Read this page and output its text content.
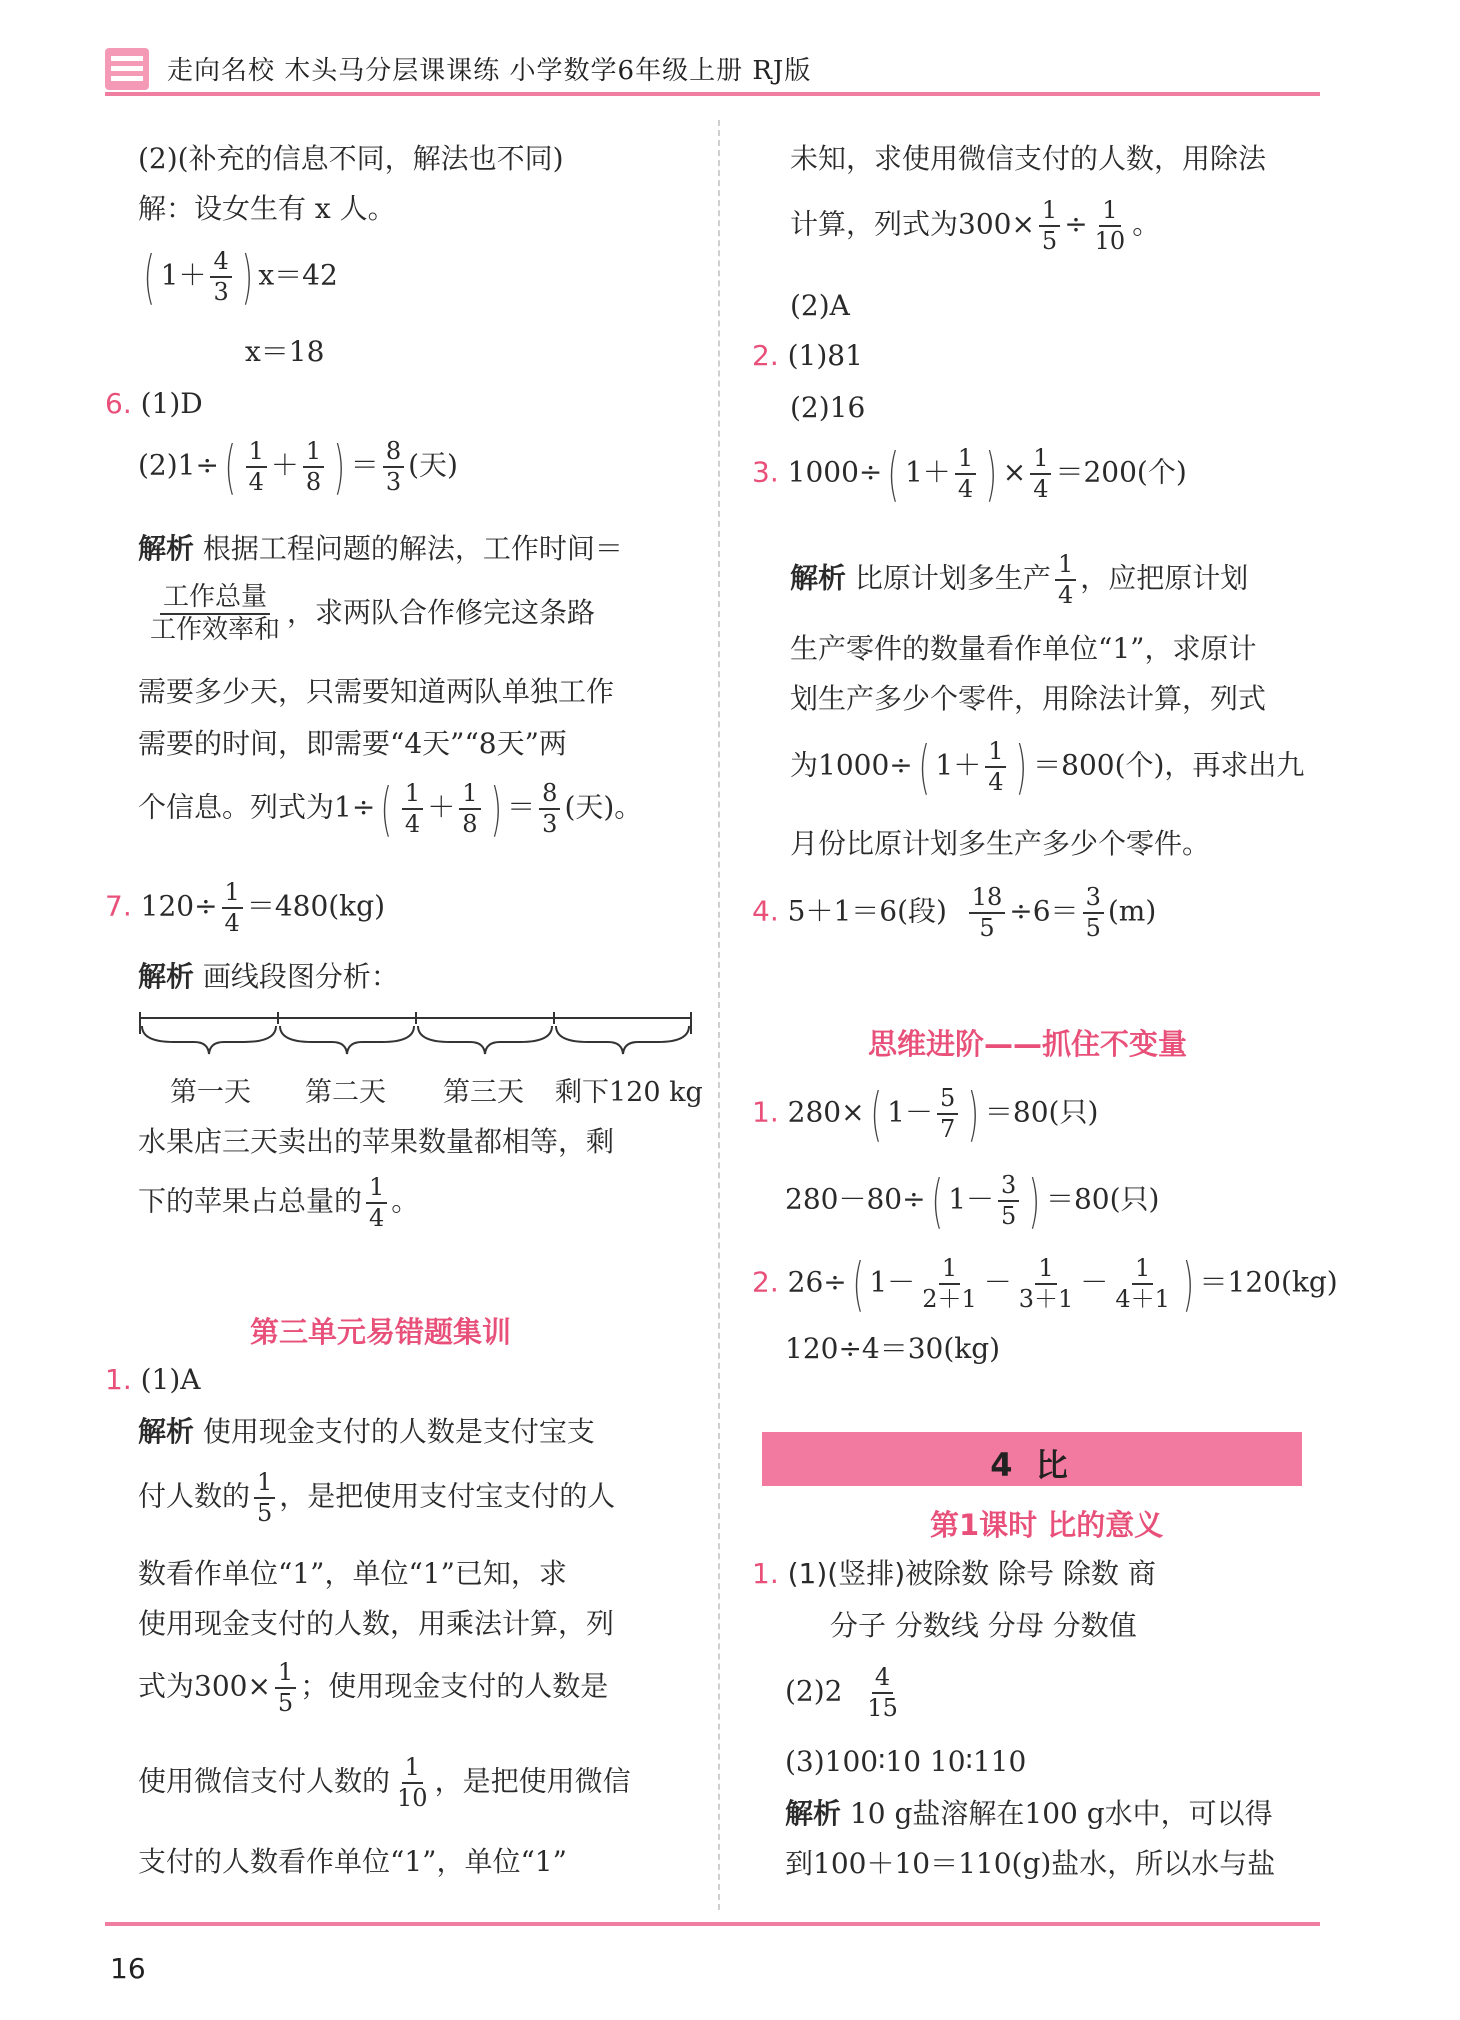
走向名校 木头马分层课课练 小学数学6年级上册 RJ版
(2)(补充的信息不同，解法也不同)
解：设女生有 x 人。
( $1+ \frac{4}{3}$ ) x＝42
x＝18
6. (1)D
$(2)1\div( \frac{1}{4} + \frac{1}{8}$ ) ＝ $\frac{8}{3}$ (天)
解析 根据工程问题的解法，工作时间＝
$\frac{\text{工作总量}}{\text{工作效率和}}$ ，求两队合作修完这条路
需要多少天，只需要知道两队单独工作
需要的时间，即需要“4天”“8天”两
个信息。列式为$1\div( \frac{1}{4} + \frac{1}{8}$ ) ＝ $\frac{8}{3}$ (天)。
7. $120\div \frac{1}{4} =480(kg)$
解析 画线段图分析：
第一天 第二天 第三天 剩下120 kg
水果店三天卖出的苹果数量都相等，剩
下的苹果占总量的 $\frac{1}{4}$ 。
第三单元易错题集训
1. (1)A
解析 使用现金支付的人数是支付宝支
付人数的 $\frac{1}{5}$ ，是把使用支付宝支付的人
数看作单位“1”，单位“1”已知，求
使用现金支付的人数，用乘法计算，列
式为$300\times \frac{1}{5}$ ；使用现金支付的人数是
使用微信支付人数的 $\frac{1}{10}$ ，是把使用微信
支付的人数看作单位“1”，单位“1”
未知，求使用微信支付的人数，用除法
计算，列式为$300\times \frac{1}{5} \div \frac{1}{10}$ 。
(2)A
2. (1)81
(2)16
3. 1000÷( $1+ \frac{1}{4}$ ) × $\frac{1}{4} =200$(个)
解析 比原计划多生产 $\frac{1}{4}$ ，应把原计划
生产零件的数量看作单位“1”，求原计
划生产多少个零件，用除法计算，列式
为1000÷( $1+ \frac{1}{4}$ ) ＝800(个)，再求出九
月份比原计划多生产多少个零件。
4. 5＋1＝6(段) $\frac{18}{5} \div 6= \frac{3}{5} (m)$
思维进阶——抓住不变量
1. 280×( $1- \frac{5}{7}$ ) ＝80(只)
280－80÷( $1- \frac{3}{5}$ ) ＝80(只)
2. 26÷( $1- \frac{1}{2+1} - \frac{1}{3+1} - \frac{1}{4+1}$ ) ＝120(kg)
120÷4＝30(kg)
4 比
第1课时 比的意义
1. (1)(竖排)被除数 除号 除数 商
分子 分数线 分母 分数值
$(2)2 \frac{4}{15}$
(3)100∶10 10∶110
解析 10 g盐溶解在100 g水中，可以得
到100＋10＝110(g)盐水，所以水与盐
16
